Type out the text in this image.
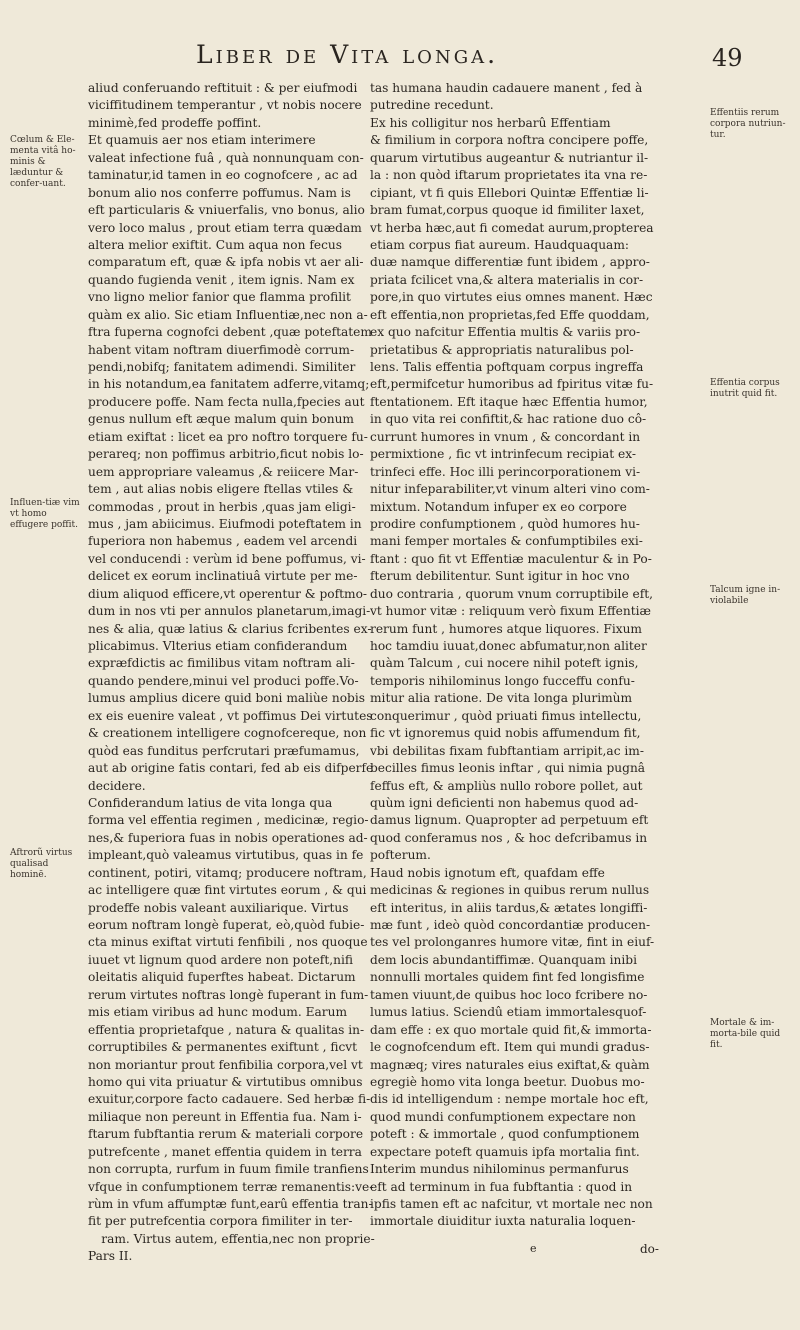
Liber de Vita longa.	49

aliud conferuando reftituit : & per eiufmodi

viciffitudinem temperantur , vt nobis nocere

minimè,fed prodeffe poffint.

Et quamuis aer nos etiam interimere

valeat infectione fuâ , quà nonnunquam con-

taminatur,id tamen in eo cognofcere , ac ad

bonum alio nos conferre poffumus. Nam is

eft particularis & vniuerfalis, vno bonus, alio

vero loco malus , prout etiam terra quædam

altera melior exiftit. Cum aqua non fecus

comparatum eft, quæ & ipfa nobis vt aer ali-

quando fugienda venit , item ignis. Nam ex

vno ligno melior fanior que flamma profilit

quàm ex alio. Sic etiam Influentiæ,nec non a-

ftra fuperna cognofci debent ,quæ poteftatem

habent vitam noftram diuerfimodè corrum-

pendi,nobifq; fanitatem adimendi. Similiter

in his notandum,ea fanitatem adferre,vitamq;

producere poffe. Nam fecta nulla,fpecies aut

genus nullum eft æque malum quin bonum

etiam exiftat : licet ea pro noftro torquere fu-

perareq; non poffimus arbitrio,ficut nobis lo-

uem appropriare valeamus ,& reiicere Mar-

tem , aut alias nobis eligere ftellas vtiles &

commodas , prout in herbis ,quas jam eligi-

mus , jam abiicimus. Eiufmodi poteftatem in

fuperiora non habemus , eadem vel arcendi

vel conducendi : verùm id bene poffumus, vi-

delicet ex eorum inclinatiuâ virtute per me-

dium aliquod efficere,vt operentur & poftmo-

dum in nos vti per annulos planetarum,imagi-

nes & alia, quæ latius & clarius fcribentes ex-

plicabimus. Vlterius etiam confiderandum

expræfdictis ac fimilibus vitam noftram ali-

quando pendere,minui vel produci poffe.Vo-

lumus amplius dicere quid boni maliùe nobis

ex eis euenire valeat , vt poffimus Dei virtutes

& creationem intelligere cognofcereque, non

quòd eas funditus perfcrutari præfumamus,

aut ab origine fatis contari, fed ab eis difperfe

decidere.

Confiderandum latius de vita longa qua

forma vel effentia regimen , medicinæ, regio-

nes,& fuperiora fuas in nobis operationes ad-

impleant,quò valeamus virtutibus, quas in fe

continent, potiri, vitamq; producere noftram,

ac intelligere quæ fint virtutes eorum , & qui

prodeffe nobis valeant auxiliarique. Virtus

eorum noftram longè fuperat, eò,quòd fubie-

cta minus exiftat virtuti fenfibili , nos quoque

iuuet vt lignum quod ardere non poteft,nifi

oleitatis aliquid fuperftes habeat. Dictarum

rerum virtutes noftras longè fuperant in fum-

mis etiam viribus ad hunc modum. Earum

effentia proprietafque , natura & qualitas in-

corruptibiles & permanentes exiftunt , ficvt

non moriantur prout fenfibilia corpora,vel vt

homo qui vita priuatur & virtutibus omnibus

exuitur,corpore facto cadauere. Sed herbæ fi-

miliaque non pereunt in Effentia fua. Nam i-

ftarum fubftantia rerum & materiali corpore

putrefcente , manet effentia quidem in terra

non corrupta, rurfum in fuum fimile tranfiens

vfque in confumptionem terræ remanentis:ve-

rùm in vfum affumptæ funt,earû effentia tran-

fit per putrefcentia corpora fimiliter in ter-

ram. Virtus autem, effentia,nec non proprie-

Pars II.

tas humana haudin cadauere manent , fed à

putredine recedunt.

Ex his colligitur nos herbarû Effentiam

& fimilium in corpora noftra concipere poffe,

quarum virtutibus augeantur & nutriantur il-

la : non quòd iftarum proprietates ita vna re-

cipiant, vt fi quis Ellebori Quintæ Effentiæ li-

bram fumat,corpus quoque id fimiliter laxet,

vt herba hæc,aut fi comedat aurum,propterea

etiam corpus fiat aureum. Haudquaquam:

duæ namque differentiæ funt ibidem , appro-

priata fcilicet vna,& altera materialis in cor-

pore,in quo virtutes eius omnes manent. Hæc

eft effentia,non proprietas,fed Effe quoddam,

ex quo nafcitur Effentia multis & variis pro-

prietatibus & appropriatis naturalibus pol-

lens. Talis effentia poftquam corpus ingreffa

eft,permifcetur humoribus ad fpiritus vitæ fu-

ftentationem. Eft itaque hæc Effentia humor,

in quo vita rei confiftit,& hac ratione duo cô-

currunt humores in vnum , & concordant in

permixtione , fic vt intrinfecum recipiat ex-

trinfeci effe. Hoc illi perincorporationem vi-

nitur infeparabiliter,vt vinum alteri vino com-

mixtum. Notandum infuper ex eo corpore

prodire confumptionem , quòd humores hu-

mani femper mortales & confumptibiles exi-

ftant : quo fit vt Effentiæ maculentur & in Po-

fterum debilitentur. Sunt igitur in hoc vno

duo contraria , quorum vnum corruptibile eft,

vt humor vitæ : reliquum verò fixum Effentiæ

rerum funt , humores atque liquores. Fixum

hoc tamdiu iuuat,donec abfumatur,non aliter

quàm Talcum , cui nocere nihil poteft ignis,

temporis nihilominus longo fucceffu confu-

mitur alia ratione. De vita longa plurimùm

conquerimur , quòd priuati fimus intellectu,

fic vt ignoremus quid nobis affumendum fit,

vbi debilitas fixam fubftantiam arripit,ac im-

becilles fimus leonis inftar , qui nimia pugnâ

feffus eft, & ampliùs nullo robore pollet, aut

quùm igni deficienti non habemus quod ad-

damus lignum. Quapropter ad perpetuum eft

quod conferamus nos , & hoc defcribamus in

pofterum.

Haud nobis ignotum eft, quafdam effe

medicinas & regiones in quibus rerum nullus

eft interitus, in aliis tardus,& ætates longiffi-

mæ funt , ideò quòd concordantiæ producen-

tes vel prolonganres humore vitæ, fint in eiuf-

dem locis abundantiffimæ. Quanquam inibi

nonnulli mortales quidem fint fed longisfime

tamen viuunt,de quibus hoc loco fcribere no-

lumus latius. Sciendû etiam immortalesquof-

dam effe : ex quo mortale quid fit,& immorta-

le cognofcendum eft. Item qui mundi gradus-

magnæq; vires naturales eius exiftat,& quàm

egregiè homo vita longa beetur. Duobus mo-

dis id intelligendum : nempe mortale hoc eft,

quod mundi confumptionem expectare non

poteft : & immortale , quod confumptionem

expectare poteft quamuis ipfa mortalia fint.

Interim mundus nihilominus permanfurus

eft ad terminum in fua fubftantia : quod in

ipfis tamen eft ac nafcitur, vt mortale nec non

immortale diuiditur iuxta naturalia loquen-

Cœlum & Ele-menta vitâ ho-minis & læduntur & confer-uant.
Influen-tiæ vim vt homo effugere poffit.
Aftrorũ virtus qualisad hominē.
Effentiis rerum corpora nutriun-tur.
Effentia corpus inutrit quid fit.
Talcum igne in-violabile
Mortale & im-morta-bile quid fit.
e	do-
